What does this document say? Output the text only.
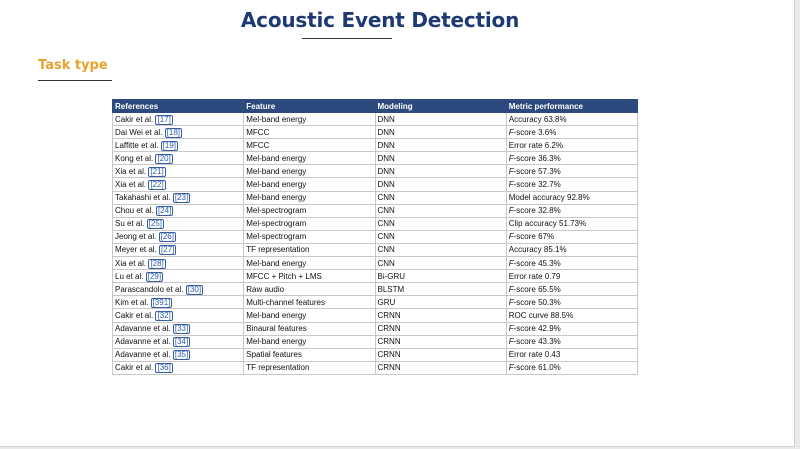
Acoustic Event Detection
Task type
References	Feature	Modeling	Metric performance
Cakir et al. [17]	Mel-band energy	DNN	Accuracy 63.8%
Dai Wei et al. [18]	MFCC	DNN	F-score 3.6%
Laffitte et al. [19]	MFCC	DNN	Error rate 6.2%
Kong et al. [20]	Mel-band energy	DNN	F-score 36.3%
Xia et al. [21]	Mel-band energy	DNN	F-score 57.3%
Xia et al. [22]	Mel-band energy	DNN	F-score 32.7%
Takahashi et al. [23]	Mel-band energy	CNN	Model accuracy 92.8%
Chou et al. [24]	Mel-spectrogram	CNN	F-score 32.8%
Su et al. [25]	Mel-spectrogram	CNN	Clip accuracy 51.73%
Jeong et al. [26]	Mel-spectrogram	CNN	F-score 67%
Meyer et al. [27]	TF representation	CNN	Accuracy 85.1%
Xia et al. [28]	Mel-band energy	CNN	F-score 45.3%
Lu et al. [29]	MFCC + Pitch + LMS	Bi-GRU	Error rate 0.79
Parascandolo et al. [30]	Raw audio	BLSTM	F-score 65.5%
Kim et al. [391]	Multi-channel features	GRU	F-score 50.3%
Cakir et al. [32]	Mel-band energy	CRNN	ROC curve 88.5%
Adavanne et al. [33]	Binaural features	CRNN	F-score 42.9%
Adavanne et al. [34]	Mel-band energy	CRNN	F-score 43.3%
Adavanne et al. [35]	Spatial features	CRNN	Error rate 0.43
Cakir et al. [36]	TF representation	CRNN	F-score 61.0%
